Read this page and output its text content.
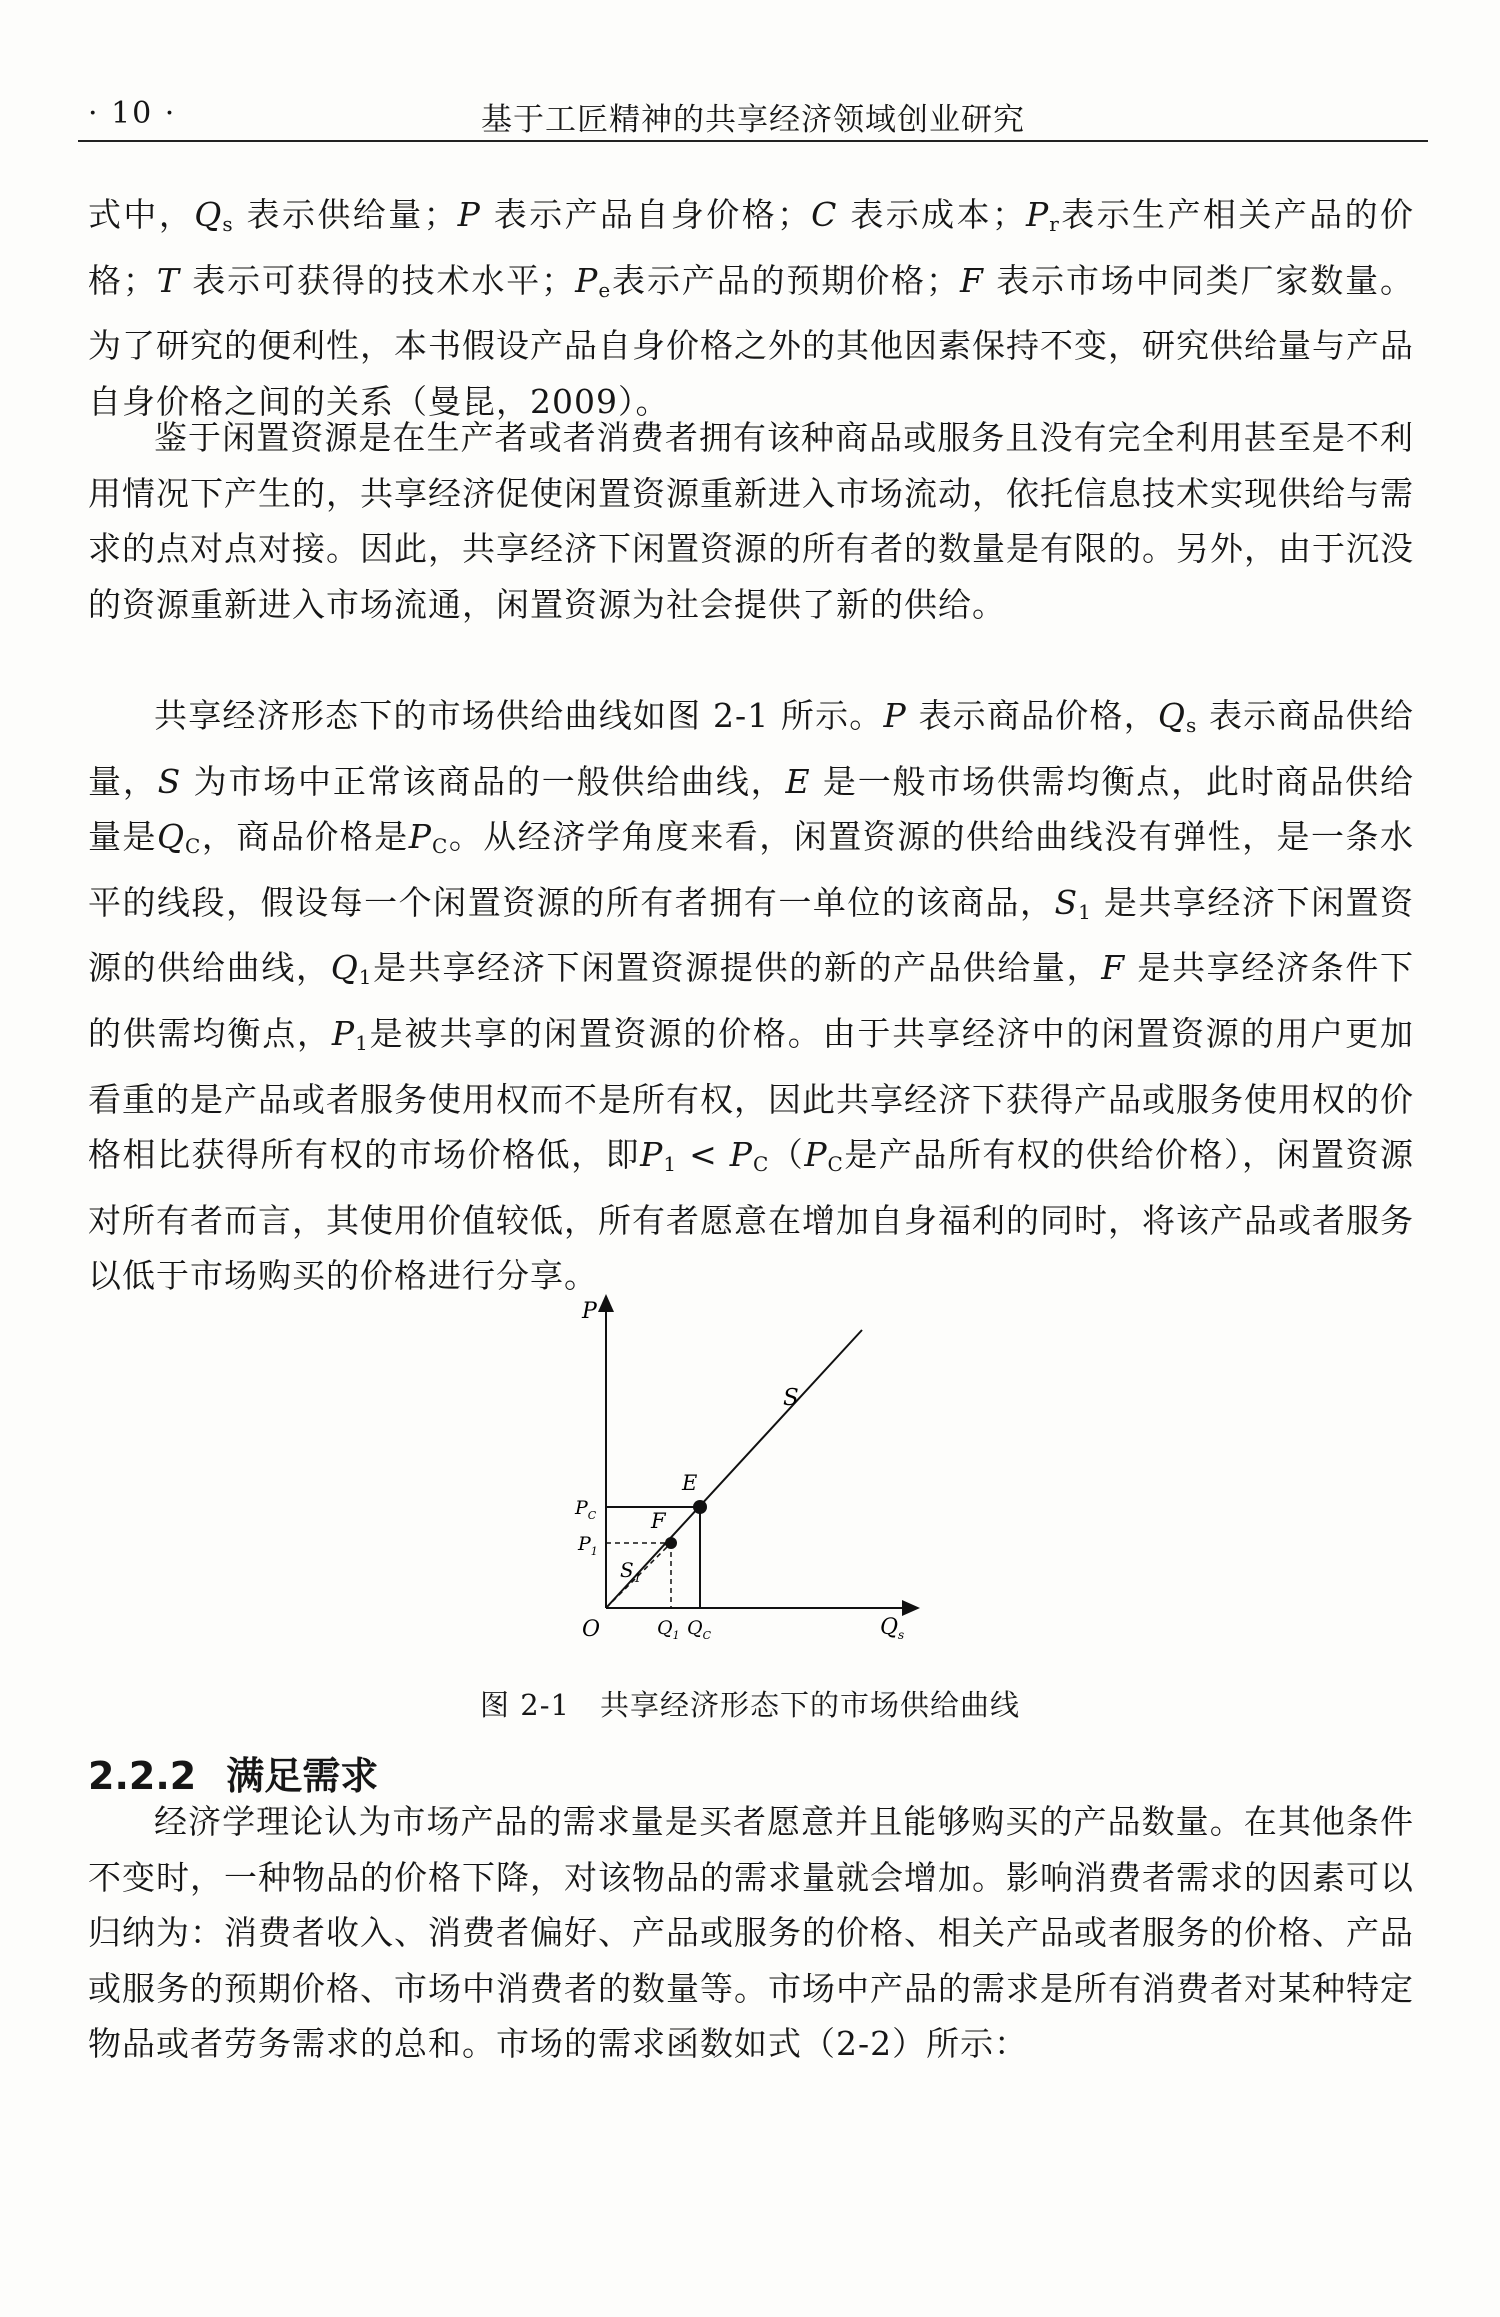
· 10 ·	基于工匠精神的共享经济领域创业研究

式中，$Q_s$ 表示供给量；P 表示产品自身价格；C 表示成本；$P_r$表示生产相关产品的价格；T 表示可获得的技术水平；$P_e$表示产品的预期价格；F 表示市场中同类厂家数量。为了研究的便利性，本书假设产品自身价格之外的其他因素保持不变，研究供给量与产品自身价格之间的关系（曼昆，2009）。

鉴于闲置资源是在生产者或者消费者拥有该种商品或服务且没有完全利用甚至是不利用情况下产生的，共享经济促使闲置资源重新进入市场流动，依托信息技术实现供给与需求的点对点对接。因此，共享经济下闲置资源的所有者的数量是有限的。另外，由于沉没的资源重新进入市场流通，闲置资源为社会提供了新的供给。

共享经济形态下的市场供给曲线如图 2-1 所示。P 表示商品价格，$Q_s$ 表示商品供给量，S 为市场中正常该商品的一般供给曲线，E 是一般市场供需均衡点，此时商品供给量是$Q_C$，商品价格是$P_C$。从经济学角度来看，闲置资源的供给曲线没有弹性，是一条水平的线段，假设每一个闲置资源的所有者拥有一单位的该商品，$S_1$ 是共享经济下闲置资源的供给曲线，$Q_1$是共享经济下闲置资源提供的新的产品供给量，F 是共享经济条件下的供需均衡点，$P_1$是被共享的闲置资源的价格。由于共享经济中的闲置资源的用户更加看重的是产品或者服务使用权而不是所有权，因此共享经济下获得产品或服务使用权的价格相比获得所有权的市场价格低，即$P_1 < P_C(P_C$是产品所有权的供给价格），闲置资源对所有者而言，其使用价值较低，所有者愿意在增加自身福利的同时，将该产品或者服务以低于市场购买的价格进行分享。

P
$Q_s$
O
S
E
F
$S_1$
$P_C$
$P_1$
$Q_1$ $Q_C$
图 2-1　共享经济形态下的市场供给曲线
2.2.2 满足需求

经济学理论认为市场产品的需求量是买者愿意并且能够购买的产品数量。在其他条件不变时，一种物品的价格下降，对该物品的需求量就会增加。影响消费者需求的因素可以归纳为：消费者收入、消费者偏好、产品或服务的价格、相关产品或者服务的价格、产品或服务的预期价格、市场中消费者的数量等。市场中产品的需求是所有消费者对某种特定物品或者劳务需求的总和。市场的需求函数如式（2-2）所示：
